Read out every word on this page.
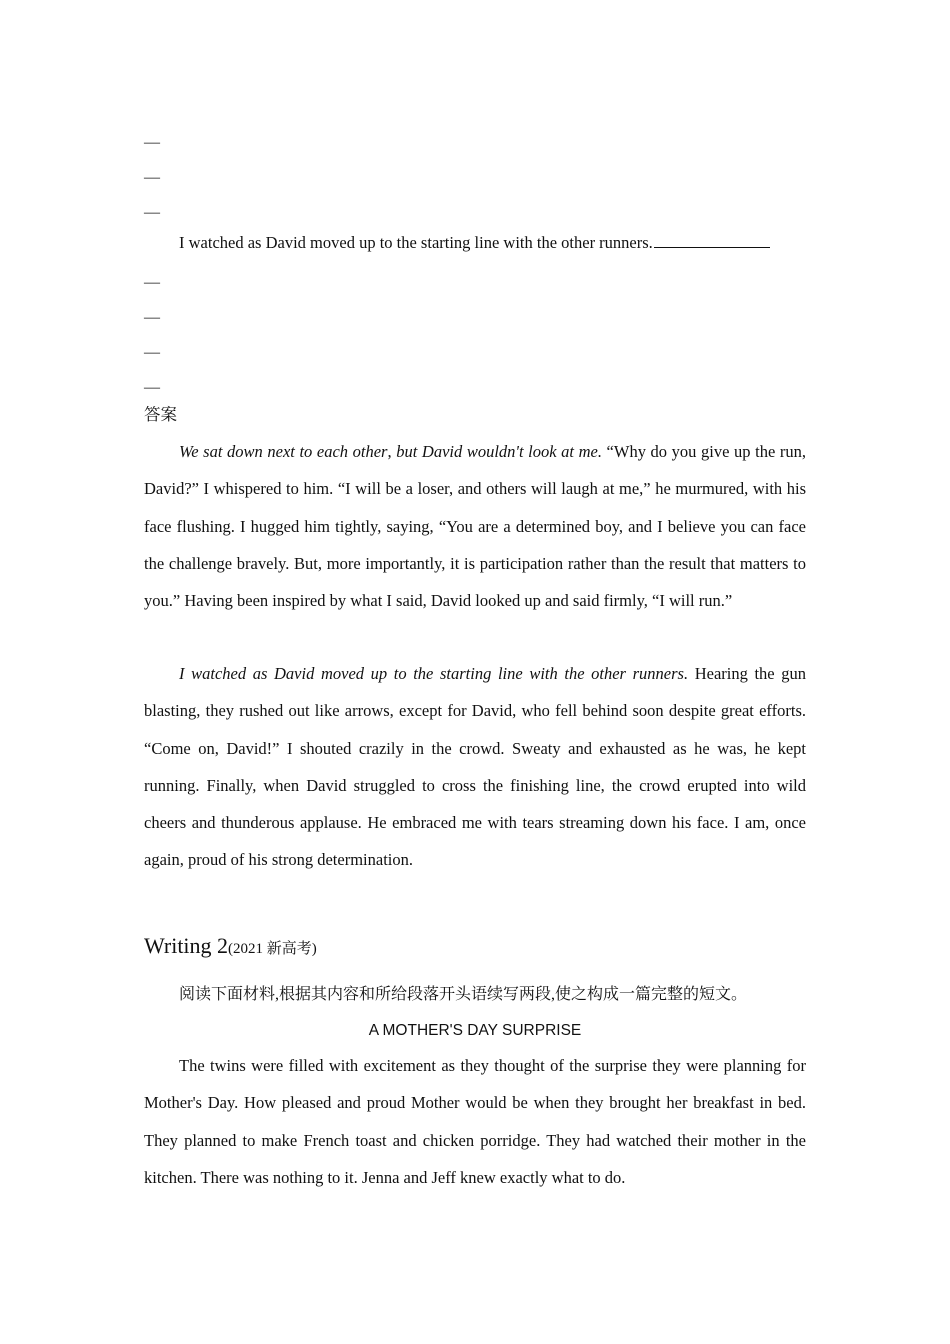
—
—
—
I watched as David moved up to the starting line with the other runners.
—
—
—
—
答案

We sat down next to each other, but David wouldn't look at me. “Why do you give up the run, David?” I whispered to him. “I will be a loser, and others will laugh at me,” he murmured, with his face flushing. I hugged him tightly, saying, “You are a determined boy, and I believe you can face the challenge bravely. But, more importantly, it is participation rather than the result that matters to you.” Having been inspired by what I said, David looked up and said firmly, “I will run.”

I watched as David moved up to the starting line with the other runners. Hearing the gun blasting, they rushed out like arrows, except for David, who fell behind soon despite great efforts. “Come on, David!” I shouted crazily in the crowd. Sweaty and exhausted as he was, he kept running. Finally, when David struggled to cross the finishing line, the crowd erupted into wild cheers and thunderous applause. He embraced me with tears streaming down his face. I am, once again, proud of his strong determination.

Writing 2(2021 新高考)
阅读下面材料,根据其内容和所给段落开头语续写两段,使之构成一篇完整的短文。
A MOTHER'S DAY SURPRISE

The twins were filled with excitement as they thought of the surprise they were planning for Mother's Day. How pleased and proud Mother would be when they brought her breakfast in bed. They planned to make French toast and chicken porridge. They had watched their mother in the kitchen. There was nothing to it. Jenna and Jeff knew exactly what to do.
